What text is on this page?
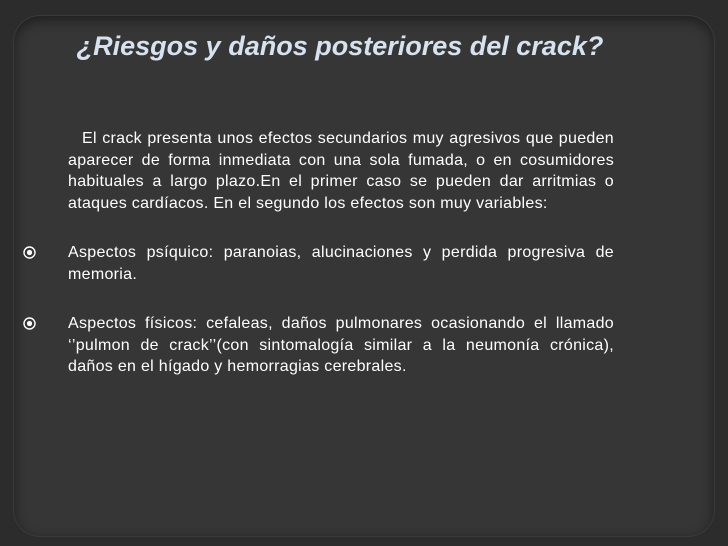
¿Riesgos y daños posteriores del crack?

El crack presenta unos efectos secundarios muy agresivos que pueden aparecer de forma inmediata con una sola fumada, o en cosumidores habituales a largo plazo.En el primer caso se pueden dar arritmias o ataques cardíacos. En el segundo los efectos son muy variables:

Aspectos psíquico: paranoias, alucinaciones y perdida progresiva de memoria.
Aspectos físicos: cefaleas, daños pulmonares ocasionando el llamado ‘’pulmon de crack’’(con sintomalogía similar a la neumonía crónica), daños en el hígado y hemorragias cerebrales.
